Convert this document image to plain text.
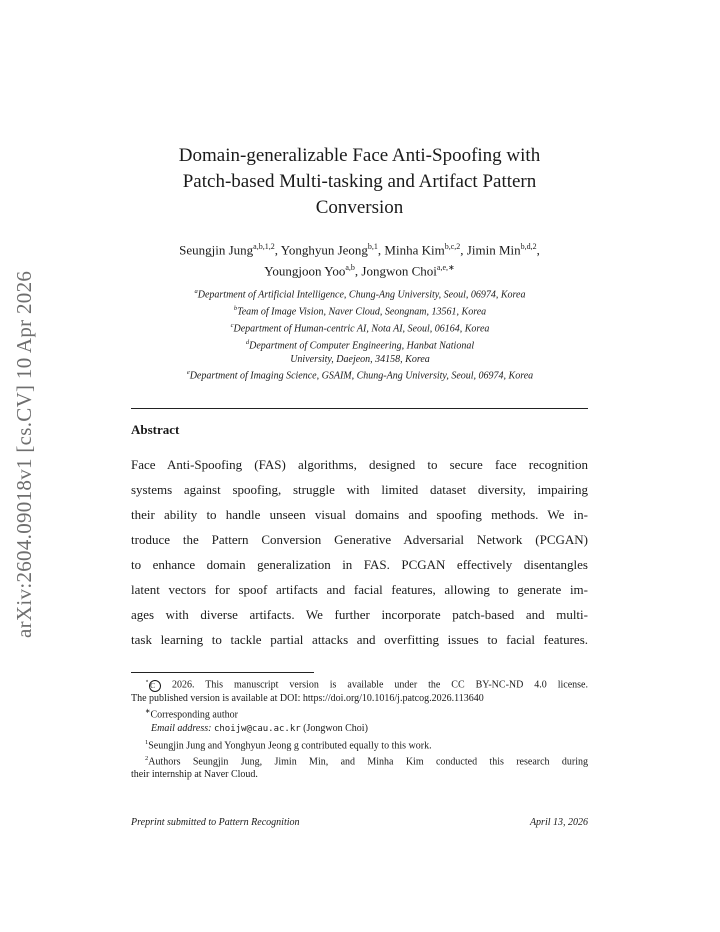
arXiv:2604.09018v1 [cs.CV] 10 Apr 2026
Domain-generalizable Face Anti-Spoofing with
Patch-based Multi-tasking and Artifact Pattern
Conversion
Seungjin Jung$^{a,b,1,2}$, Yonghyun Jeong$^{b,1}$, Minha Kim$^{b,c,2}$, Jimin Min$^{b,d,2}$,
Youngjoon Yoo$^{a,b}$, Jongwon Choi$^{a,e,∗}$
$^a$Department of Artificial Intelligence, Chung-Ang University, Seoul, 06974, Korea
$^b$Team of Image Vision, Naver Cloud, Seongnam, 13561, Korea
$^c$Department of Human-centric AI, Nota AI, Seoul, 06164, Korea
$^d$Department of Computer Engineering, Hanbat National
University, Daejeon, 34158, Korea
$^e$Department of Imaging Science, GSAIM, Chung-Ang University, Seoul, 06974, Korea
Abstract
Face Anti-Spoofing (FAS) algorithms, designed to secure face recognition
systems against spoofing, struggle with limited dataset diversity, impairing
their ability to handle unseen visual domains and spoofing methods. We in-
troduce the Pattern Conversion Generative Adversarial Network (PCGAN)
to enhance domain generalization in FAS. PCGAN effectively disentangles
latent vectors for spoof artifacts and facial features, allowing to generate im-
ages with diverse artifacts. We further incorporate patch-based and multi-
task learning to tackle partial attacks and overfitting issues to facial features.
⋆C 2026. This manuscript version is available under the CC BY-NC-ND 4.0 license.
The published version is available at DOI: https://doi.org/10.1016/j.patcog.2026.113640
∗Corresponding author
Email address: choijw@cau.ac.kr (Jongwon Choi)
$^1$Seungjin Jung and Yonghyun Jeong g contributed equally to this work.
$^2$Authors Seungjin Jung, Jimin Min, and Minha Kim conducted this research during
their internship at Naver Cloud.
Preprint submitted to Pattern Recognition	April 13, 2026
